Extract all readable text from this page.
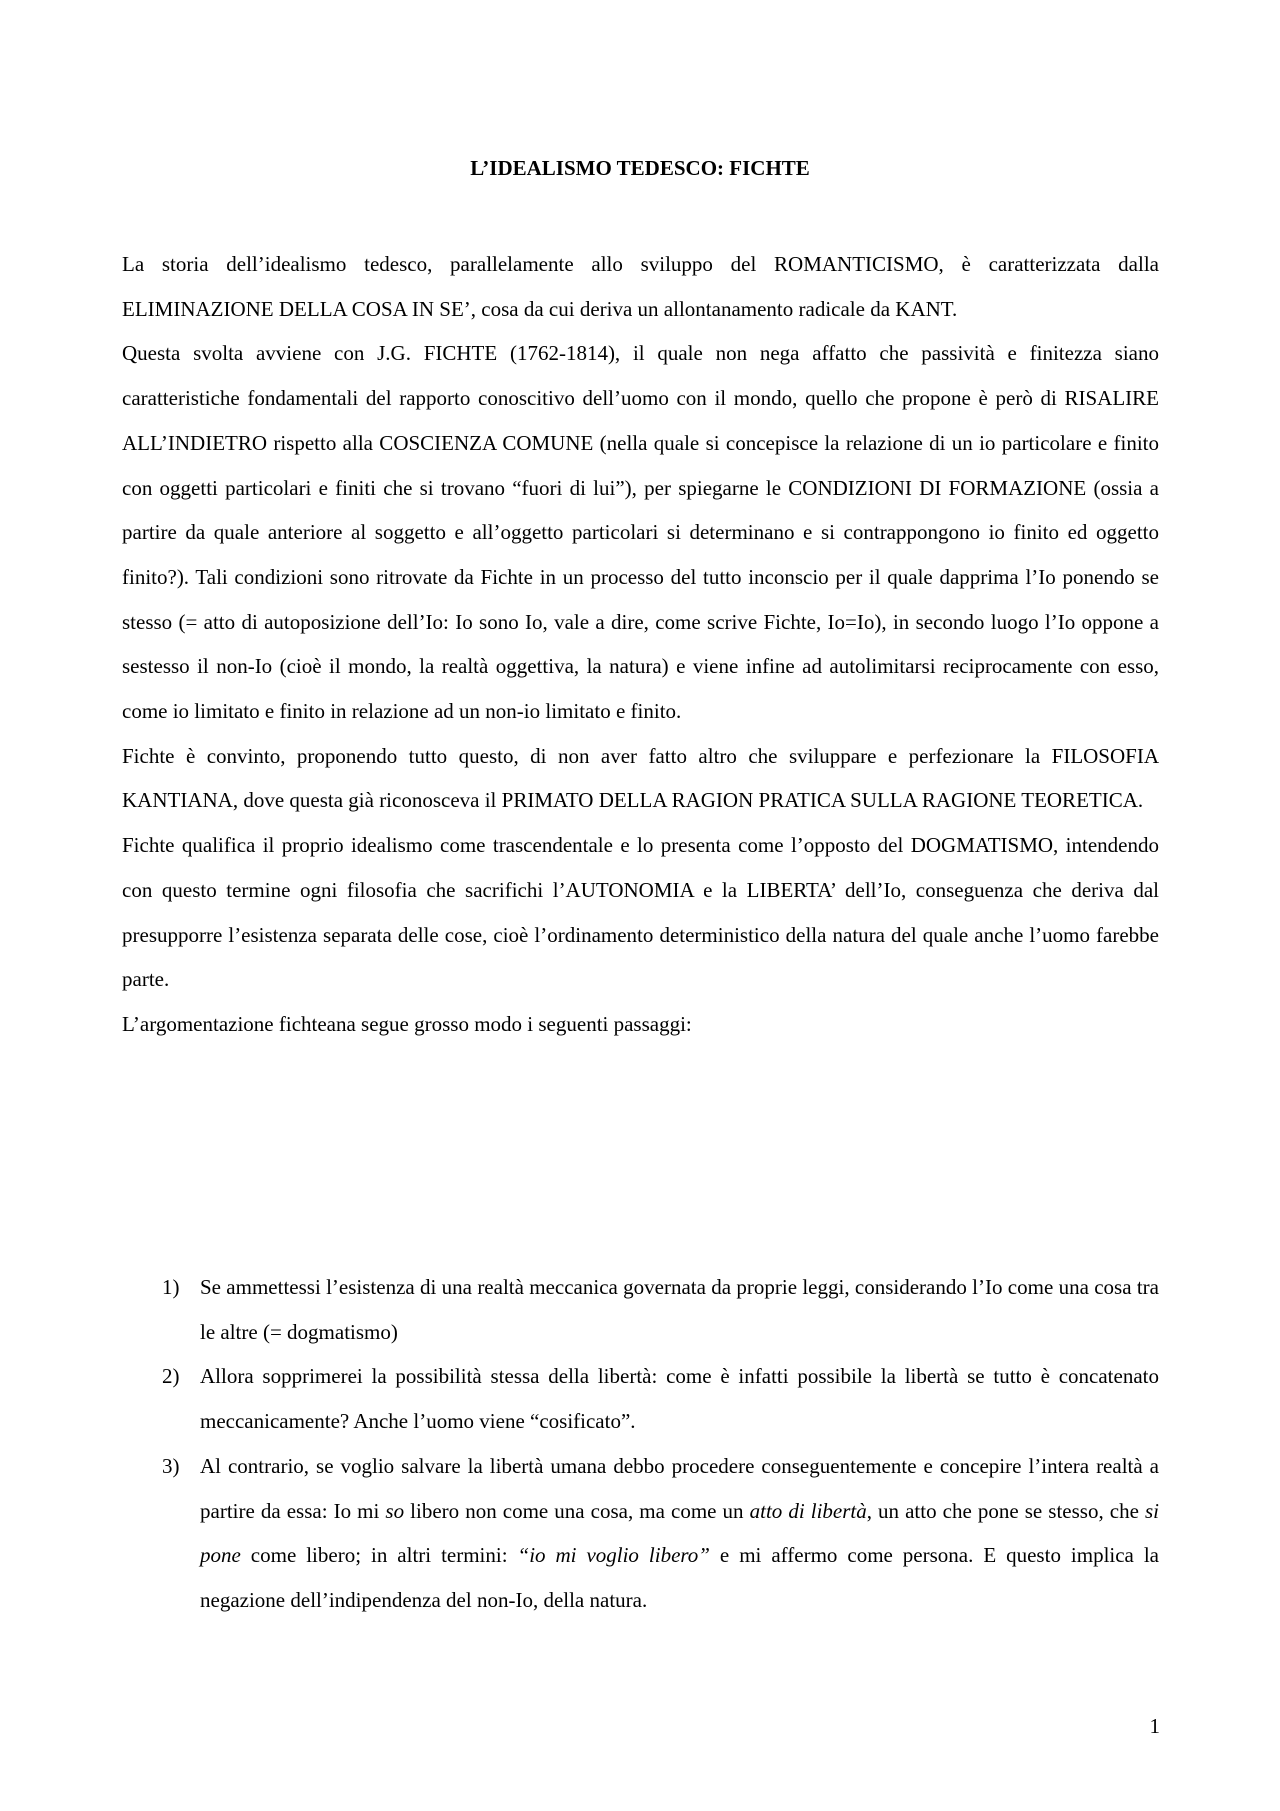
L’IDEALISMO TEDESCO: FICHTE

La storia dell’idealismo tedesco, parallelamente allo sviluppo del ROMANTICISMO, è caratterizzata dalla ELIMINAZIONE DELLA COSA IN SE’, cosa da cui deriva un allontanamento radicale da KANT.

Questa svolta avviene con J.G. FICHTE (1762-1814), il quale non nega affatto che passività e finitezza siano caratteristiche fondamentali del rapporto conoscitivo dell’uomo con il mondo, quello che propone è però di RISALIRE ALL’INDIETRO rispetto alla COSCIENZA COMUNE (nella quale si concepisce la relazione di un io particolare e finito con oggetti particolari e finiti che si trovano “fuori di lui”), per spiegarne le CONDIZIONI DI FORMAZIONE (ossia a partire da quale anteriore al soggetto e all’oggetto particolari si determinano e si contrappongono io finito ed oggetto finito?). Tali condizioni sono ritrovate da Fichte in un processo del tutto inconscio per il quale dapprima l’Io ponendo se stesso (= atto di autoposizione dell’Io: Io sono Io, vale a dire, come scrive Fichte, Io=Io), in secondo luogo l’Io oppone a sestesso il non-Io (cioè il mondo, la realtà oggettiva, la natura) e viene infine ad autolimitarsi reciprocamente con esso, come io limitato e finito in relazione ad un non-io limitato e finito.

Fichte è convinto, proponendo tutto questo, di non aver fatto altro che sviluppare e perfezionare la FILOSOFIA KANTIANA, dove questa già riconosceva il PRIMATO DELLA RAGION PRATICA SULLA RAGIONE TEORETICA.

Fichte qualifica il proprio idealismo come trascendentale e lo presenta come l’opposto del DOGMATISMO, intendendo con questo termine ogni filosofia che sacrifichi l’AUTONOMIA e la LIBERTA’ dell’Io, conseguenza che deriva dal presupporre l’esistenza separata delle cose, cioè l’ordinamento deterministico della natura del quale anche l’uomo farebbe parte.

L’argomentazione fichteana segue grosso modo i seguenti passaggi:

1) Se ammettessi l’esistenza di una realtà meccanica governata da proprie leggi, considerando l’Io come una cosa tra le altre (= dogmatismo)
2) Allora sopprimerei la possibilità stessa della libertà: come è infatti possibile la libertà se tutto è concatenato meccanicamente? Anche l’uomo viene “cosificato”.
3) Al contrario, se voglio salvare la libertà umana debbo procedere conseguentemente e concepire l’intera realtà a partire da essa: Io mi so libero non come una cosa, ma come un atto di libertà, un atto che pone se stesso, che si pone come libero; in altri termini: “io mi voglio libero” e mi affermo come persona. E questo implica la negazione dell’indipendenza del non-Io, della natura.
1
